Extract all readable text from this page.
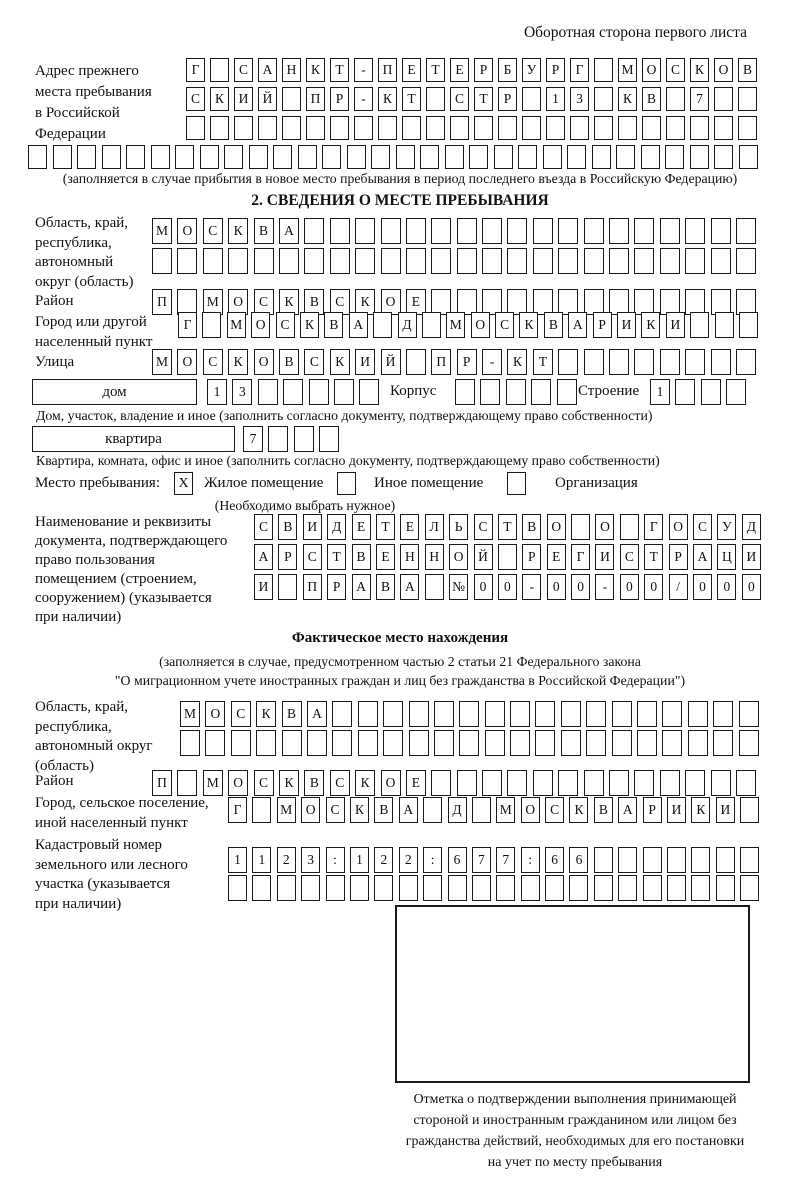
Оборотная сторона первого листа
Адрес прежнего
места пребывания
в Российской
Федерации
Г	С	А	Н	К	Т	-	П	Е	Т	Е	Р	Б	У	Р	Г	М О	С	К	О	В
С	К	И	Й	П	Р	-	К	Т	С	Т	Р	1	3	К	В	7
(заполняется в случае прибытия в новое место пребывания в период последнего въезда в Российскую Федерацию)
2. СВЕДЕНИЯ О МЕСТЕ ПРЕБЫВАНИЯ
Область, край,
республика,
автономный
округ (область)
М	О	С	К	В	А
Район	П	М	О	С	К	В	С	К	О	Е
Город или другой
населенный пункт
Г	М	О	С	К	В	А	Д	М	О	С	К	В	А	Р	И	К	И
Улица	М	О	С	К	О	В	С	К	И	Й	П	Р	-	К	Т
дом	1	3	Корпус	Строение	1
Дом, участок, владение и иное (заполнить согласно документу, подтверждающему право собственности)
квартира	7
Квартира, комната, офис и иное (заполнить согласно документу, подтверждающему право собственности)
Место пребывания:	X Жилое помещение	Иное помещение	Организация
(Необходимо выбрать нужное)
Наименование и реквизиты
документа, подтверждающего
право пользования
помещением (строением,
сооружением) (указывается
при наличии)
С	В	И	Д	Е	Т	Е	Л	Ь	С	Т	В	О	О	Г	О	С	У	Д
А	Р	С	Т	В	Е	Н	Н	О	Й	Р	Е	Г	И	С	Т	Р	А	Ц	И
И	П	Р	А	В	А	№	0	0	-	0	0	-	0	0	/	0	0	0
Фактическое место нахождения
(заполняется в случае, предусмотренном частью 2 статьи 21 Федерального закона
"О миграционном учете иностранных граждан и лиц без гражданства в Российской Федерации")
Область, край,
республика,
автономный округ
(область)
М	О	С	К	В	А
Район	П	М	О	С	К	В	С	К	О	Е
Город, сельское поселение,
иной населенный пункт
Г	М	О	С	К	В	А	Д	М	О	С	К	В	А	Р	И	К	И
Кадастровый номер
земельного или лесного
участка (указывается
при наличии)
1	1	2	3	:	1	2	2	:	6	7	7	:	6	6
Отметка о подтверждении выполнения принимающей
стороной и иностранным гражданином или лицом без
гражданства действий, необходимых для его постановки
на учет по месту пребывания
